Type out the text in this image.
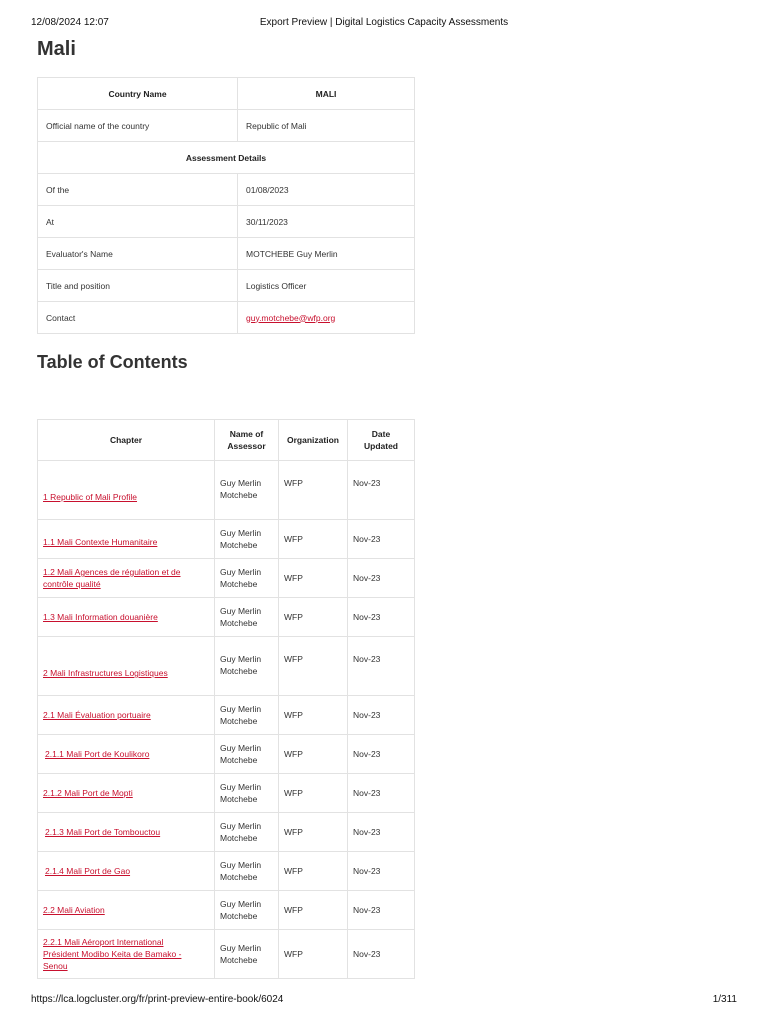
12/08/2024 12:07	Export Preview | Digital Logistics Capacity Assessments
Mali
Country Name	MALI
Official name of the country	Republic of Mali
Assessment Details	
Of the	01/08/2023
At	30/11/2023
Evaluator's Name	MOTCHEBE Guy Merlin
Title and position	Logistics Officer
Contact	guy.motchebe@wfp.org
Table of Contents
Chapter	Name of
Assessor	Organization	Date
Updated
1 Republic of Mali Profile	Guy Merlin
Motchebe	WFP	Nov-23
1.1 Mali Contexte Humanitaire	Guy Merlin
Motchebe	WFP	Nov-23
1.2 Mali Agences de régulation et de
contrôle qualité	Guy Merlin
Motchebe	WFP	Nov-23
1.3 Mali Information douanière	Guy Merlin
Motchebe	WFP	Nov-23
2 Mali Infrastructures Logistiques	Guy Merlin
Motchebe	WFP	Nov-23
2.1 Mali Évaluation portuaire	Guy Merlin
Motchebe	WFP	Nov-23
2.1.1 Mali Port de Koulikoro	Guy Merlin
Motchebe	WFP	Nov-23
2.1.2 Mali Port de Mopti	Guy Merlin
Motchebe	WFP	Nov-23
2.1.3 Mali Port de Tombouctou	Guy Merlin
Motchebe	WFP	Nov-23
2.1.4 Mali Port de Gao	Guy Merlin
Motchebe	WFP	Nov-23
2.2 Mali Aviation	Guy Merlin
Motchebe	WFP	Nov-23
2.2.1 Mali Aéroport International
Président Modibo Keita de Bamako -
Senou	Guy Merlin
Motchebe	WFP	Nov-23
https://lca.logcluster.org/fr/print-preview-entire-book/6024	1/311
